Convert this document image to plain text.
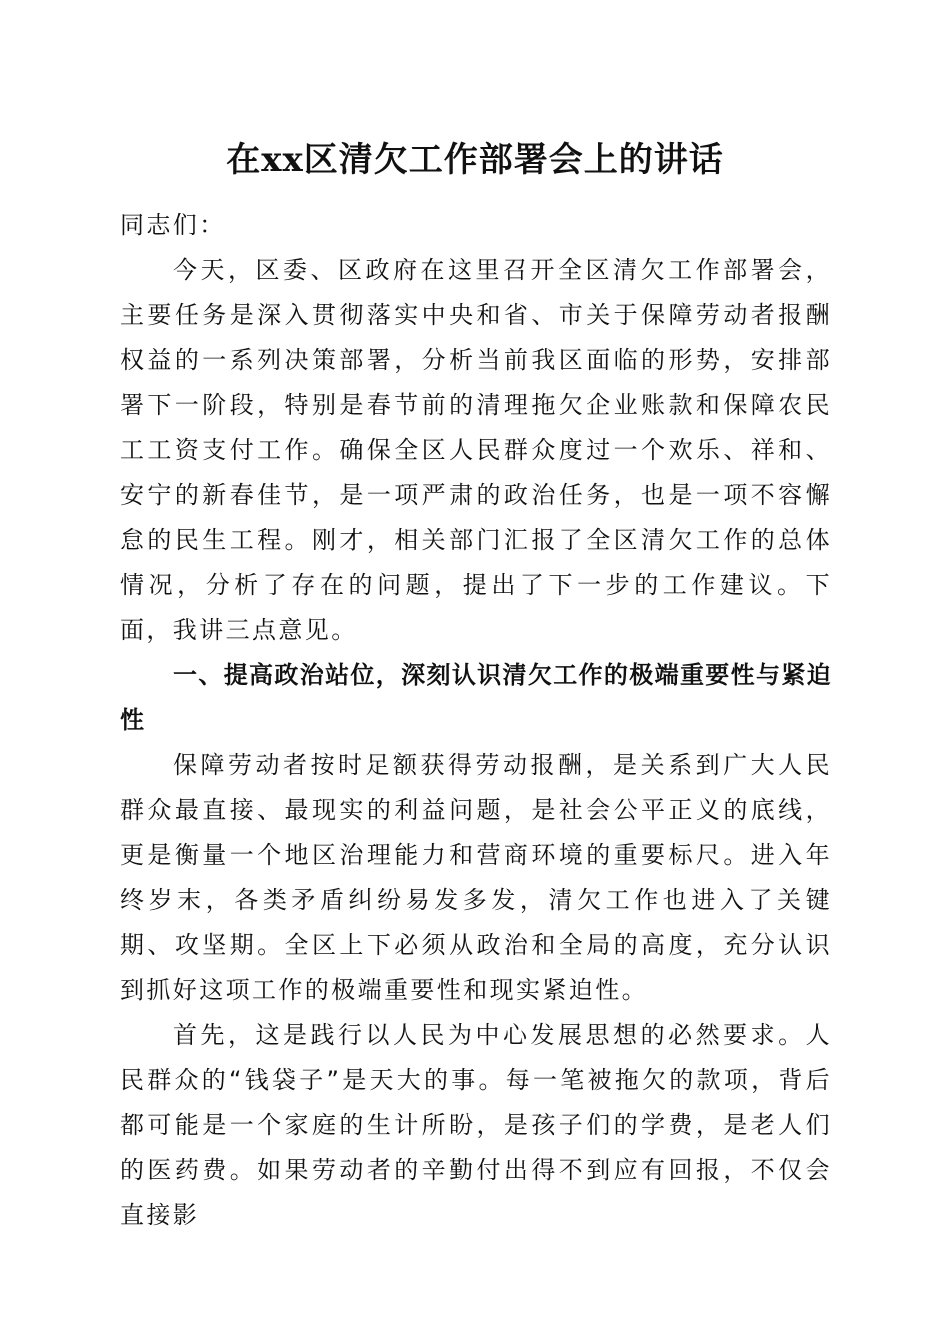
在xx区清欠工作部署会上的讲话

同志们：

今天，区委、区政府在这里召开全区清欠工作部署会，主要任务是深入贯彻落实中央和省、市关于保障劳动者报酬权益的一系列决策部署，分析当前我区面临的形势，安排部署下一阶段，特别是春节前的清理拖欠企业账款和保障农民工工资支付工作。确保全区人民群众度过一个欢乐、祥和、安宁的新春佳节，是一项严肃的政治任务，也是一项不容懈怠的民生工程。刚才，相关部门汇报了全区清欠工作的总体情况，分析了存在的问题，提出了下一步的工作建议。下面，我讲三点意见。

一、提高政治站位，深刻认识清欠工作的极端重要性与紧迫性

保障劳动者按时足额获得劳动报酬，是关系到广大人民群众最直接、最现实的利益问题，是社会公平正义的底线，更是衡量一个地区治理能力和营商环境的重要标尺。进入年终岁末，各类矛盾纠纷易发多发，清欠工作也进入了关键期、攻坚期。全区上下必须从政治和全局的高度，充分认识到抓好这项工作的极端重要性和现实紧迫性。

首先，这是践行以人民为中心发展思想的必然要求。人民群众的“钱袋子”是天大的事。每一笔被拖欠的款项，背后都可能是一个家庭的生计所盼，是孩子们的学费，是老人们的医药费。如果劳动者的辛勤付出得不到应有回报，不仅会直接影
